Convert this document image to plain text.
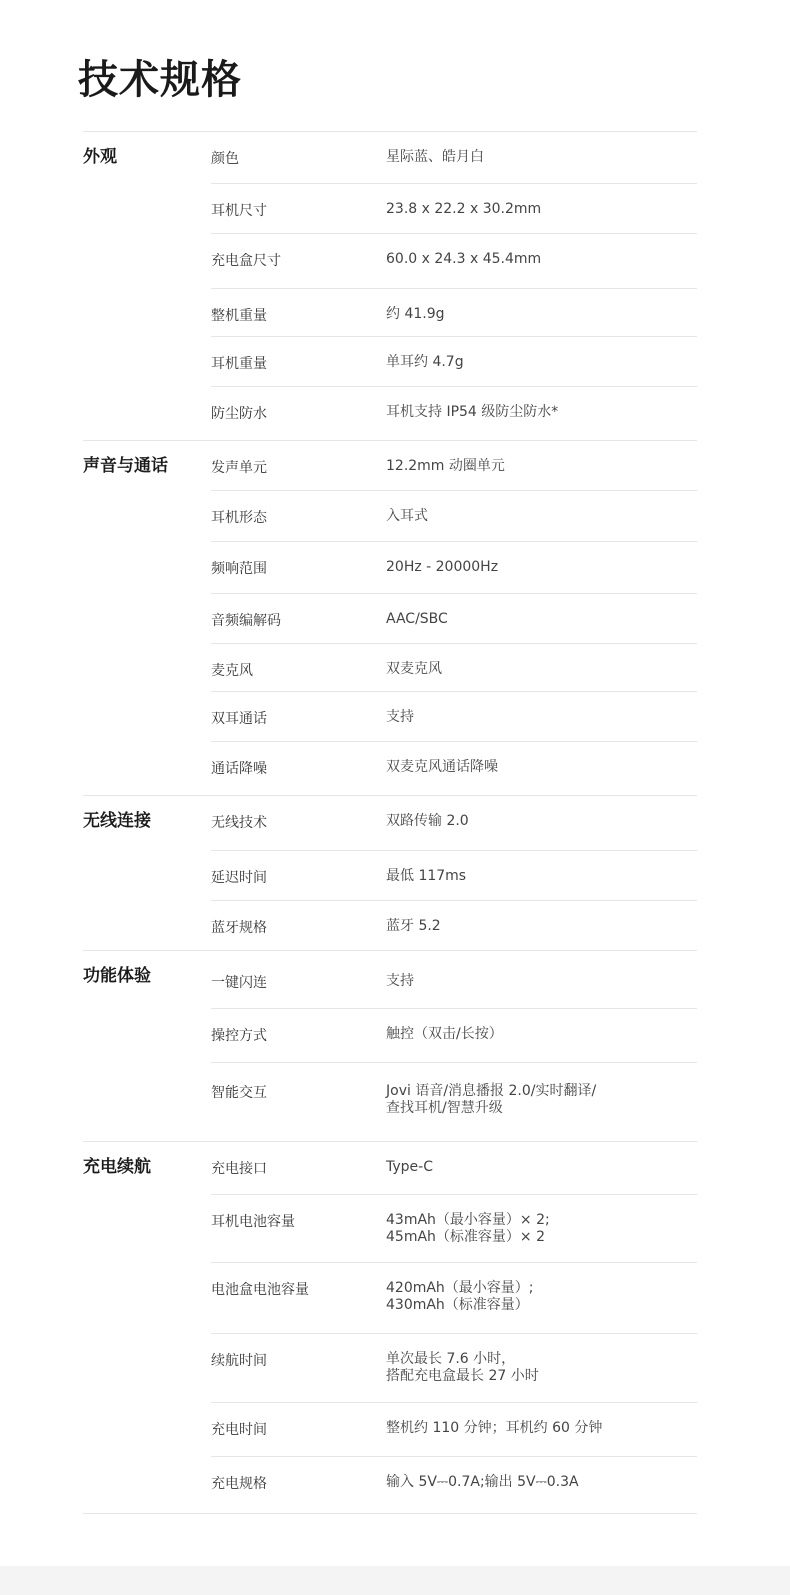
技术规格
外观	颜色	星际蓝、皓月白
耳机尺寸	23.8 x 22.2 x 30.2mm
充电盒尺寸	60.0 x 24.3 x 45.4mm
整机重量	约 41.9g
耳机重量	单耳约 4.7g
防尘防水	耳机支持 IP54 级防尘防水*
声音与通话	发声单元	12.2mm 动圈单元
耳机形态	入耳式
频响范围	20Hz - 20000Hz
音频编解码	AAC/SBC
麦克风	双麦克风
双耳通话	支持
通话降噪	双麦克风通话降噪
无线连接	无线技术	双路传输 2.0
延迟时间	最低 117ms
蓝牙规格	蓝牙 5.2
功能体验	一键闪连	支持
操控方式	触控（双击/长按）
智能交互	Jovi 语音/消息播报 2.0/实时翻译/
查找耳机/智慧升级
充电续航	充电接口	Type-C
耳机电池容量	43mAh（最小容量）× 2;
45mAh（标准容量）× 2
电池盒电池容量	420mAh（最小容量）;
430mAh（标准容量）
续航时间	单次最长 7.6 小时，
搭配充电盒最长 27 小时
充电时间	整机约 110 分钟；耳机约 60 分钟
充电规格	输入 5V⎓0.7A;输出 5V⎓0.3A
